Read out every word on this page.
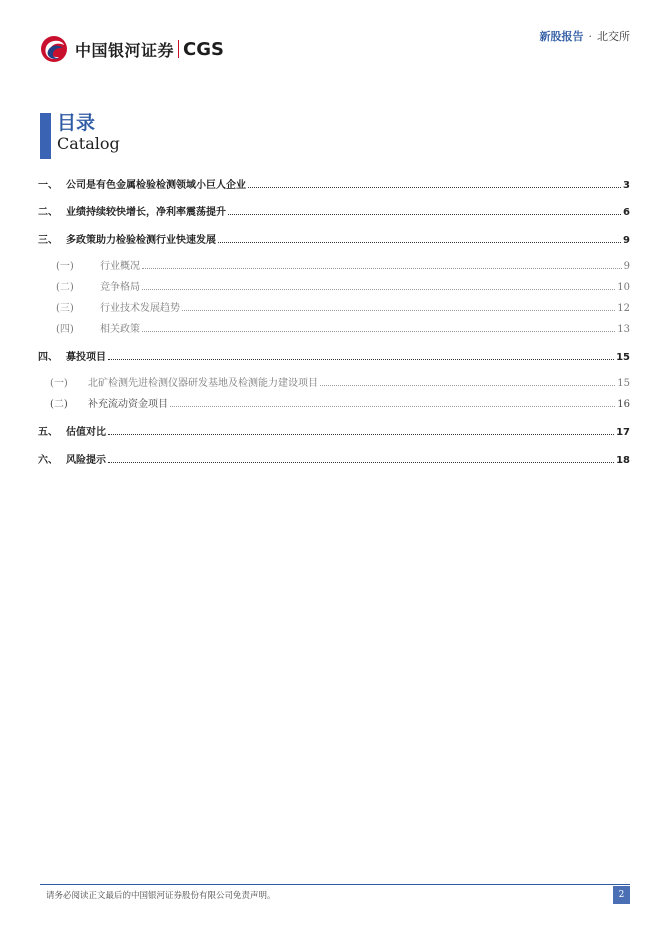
中国银河证券 CGS
新股报告 · 北交所
目录
Catalog
一、 公司是有色金属检验检测领域小巨人企业	3
二、 业绩持续较快增长，净利率震荡提升	6
三、 多政策助力检验检测行业快速发展	9
(一)	行业概况	9
(二)	竞争格局	10
(三)	行业技术发展趋势	12
(四)	相关政策	13
四、 募投项目	15
(一)	北矿检测先进检测仪器研发基地及检测能力建设项目	15
(二)	补充流动资金项目	16
五、 估值对比	17
六、 风险提示	18
请务必阅读正文最后的中国银河证券股份有限公司免责声明。	2
